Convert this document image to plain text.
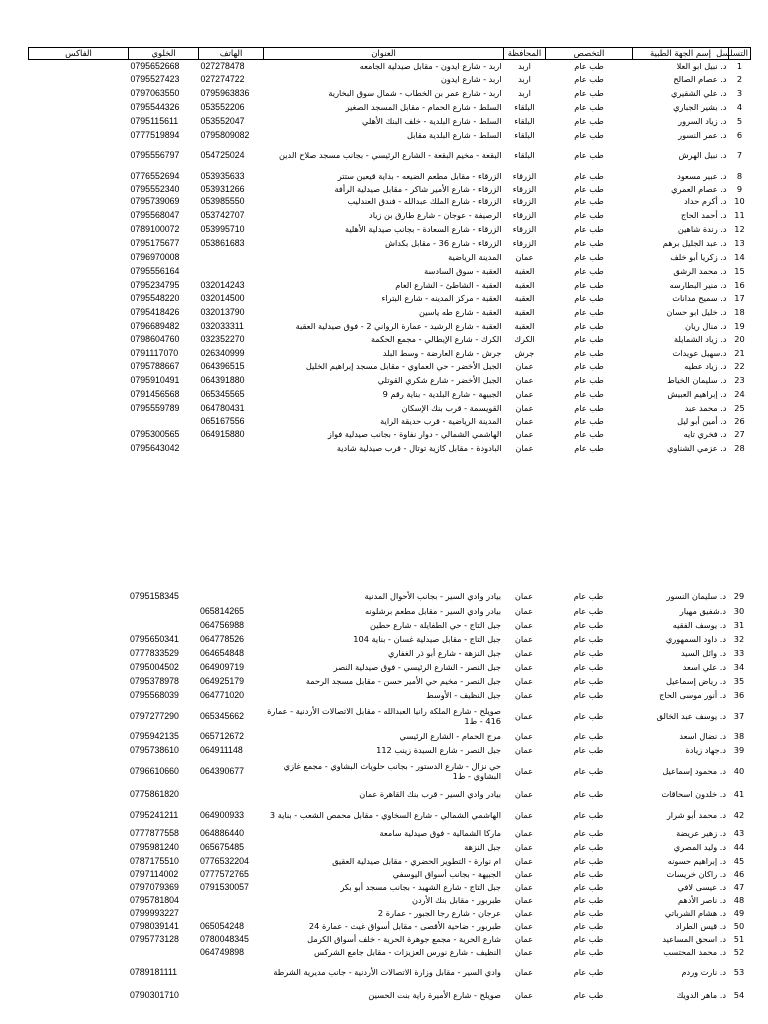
التسلسل	إسم الجهة الطبية	التخصص	المحافظة	العنوان	الهاتف	الخلوي	الفاكس
1	د. نبيل ابو العلا	طب عام	اربد	اربد - شارع ايدون - مقابل صيدلية الجامعه	027278478	0795652668	
2	د. عصام الصالح	طب عام	اربد	اربد - شارع ايدون	027274722	0795527423	
3	د. علي الشقيري	طب عام	اربد	اربد - شارع عمر بن الخطاب - شمال سوق البخارية	0795963836	0797063550	
4	د. بشير الجباري	طب عام	البلقاء	السلط - شارع الحمام - مقابل المسجد الصغير	053552206	0795544326	
5	د. زياد السرور	طب عام	البلقاء	السلط - شارع البلدية - خلف البنك الأهلي	053552047	0795115611	
6	د. عمر النسور	طب عام	البلقاء	السلط - شارع البلدية مقابل	0795809082	0777519894	
7	د. نبيل الهرش	طب عام	البلقاء	البقعة - مخيم البقعة - الشارع الرئيسي - بجانب مسجد صلاح الدين	054725024	0795556797	
8	د. عبير مسعود	طب عام	الزرقاء	الزرقاء - مقابل مطعم الضيعه - بداية قيعين ستتر	053935633	0776552694	
9	د. عصام العمري	طب عام	الزرقاء	الزرقاء - شارع الأمير شاكر - مقابل صيدلية الرأفة	053931266	0795552340	
10	د. أكرم حداد	طب عام	الزرقاء	الزرقاء - شارع الملك عبدالله - فندق العندليب	053985550	0795739069	
11	د. أحمد الحاج	طب عام	الزرقاء	الرصيفة - عوجان - شارع طارق بن زياد	053742707	0795568047	
12	د. رندة شاهين	طب عام	الزرقاء	الزرقاء - شارع السعادة - بجانب صيدلية الأهلية	053995710	0789100072	
13	د. عبد الجليل برهم	طب عام	الزرقاء	الزرقاء - شارع 36 - مقابل بكداش	053861683	0795175677	
14	د. زكريا أبو خلف	طب عام	عمان	المدينة الرياضية		0796970008	
15	د. محمد الرشق	طب عام	العقبة	العقبة - سوق السادسة		0795556164	
16	د. منير البطارسه	طب عام	العقبة	العقبة - الشاطئ - الشارع العام	032014243	0795234795	
17	د. سميح مدانات	طب عام	العقبة	العقبة - مركز المدينه - شارع البتراء	032014500	0795548220	
18	د. خليل ابو حسان	طب عام	العقبة	العقبة - شارع طه ياسين	032013790	0795418426	
19	د. منال ريان	طب عام	العقبة	العقبة - شارع الرشيد - عمارة الرواني 2 - فوق صيدلية العقبة	032033311	0796689482	
20	د. زياد الشمايلة	طب عام	الكرك	الكرك - شارع الإيطالي - مجمع الحكمة	032352270	0798604760	
21	د.سهيل عويدات	طب عام	جرش	جرش - شارع العارضة - وسط البلد	026340999	0791117070	
22	د. زياد عطيه	طب عام	عمان	الجبل الأخضر - حي العماوي - مقابل مسجد إبراهيم الخليل	064396515	0795788667	
23	د. سليمان الخياط	طب عام	عمان	الجبل الأخضر - شارع شكري القوتلي	064391880	0795910491	
24	د. إبراهيم العبيش	طب عام	عمان	الجبيهة - شارع البلدية - بناية رقم 9	065345565	0791456568	
25	د. محمد عبد	طب عام	عمان	القويسمة - قرب بنك الإسكان	064780431	0795559789	
26	د. أمين أبو ليل	طب عام	عمان	المدينة الرياضية - قرب حديقة الراية	065167556		
27	د. فخري تايه	طب عام	عمان	الهاشمي الشمالي - دوار نفاوة - بجانب صيدلية فواز	064915880	0795300565	
28	د. عزمي الشناوي	طب عام	عمان	البادودة - مقابل كازية توتال - قرب صيدلية شادية		0795643042	
29	د. سليمان النسور	طب عام	عمان	بيادر وادي السير - بجانب الأحوال المدنية		0795158345	
30	د.شفيق مهيار	طب عام	عمان	بيادر وادي السير - مقابل مطعم برشلونه	065814265		
31	د. يوسف الفقيه	طب عام	عمان	جبل التاج - حي الطفايلة - شارع حطين	064756988		
32	د. داود السمهوري	طب عام	عمان	جبل التاج - مقابل صيدلية غسان - بناية 104	064778526	0795650341	
33	د. وائل السيد	طب عام	عمان	جبل النزهة - شارع أبو ذر الغفاري	064654848	0777833529	
34	د. علي اسعد	طب عام	عمان	جبل النصر - الشارع الرئيسي - فوق صيدلية النصر	064909719	0795004502	
35	د. رياض إسماعيل	طب عام	عمان	جبل النصر - مخيم حي الأمير حسن - مقابل مسجد الرحمة	064925179	0795378978	
36	د. أنور موسى الحاج	طب عام	عمان	جبل النظيف - الأوسط	064771020	0795568039	
37	د. يوسف عبد الخالق	طب عام	عمان	صويلح - شارع الملكة رانيا العبدالله - مقابل الاتصالات الأردنية - عمارة 416 - ط1	065345662	0797277290	
38	د. نضال اسعد	طب عام	عمان	مرج الحمام - الشارع الرئيسي	065712672	0795942135	
39	د.جهاد زيادة	طب عام	عمان	جبل النصر - شارع السيدة زينب 112	064911148	0795738610	
40	د. محمود إسماعيل	طب عام	عمان	حي نزال - شارع الدستور - بجانب حلويات البشاوي - مجمع غازي البشاوي - ط1	064390677	0796610660	
41	د. خلدون اسحاقات	طب عام	عمان	بيادر وادي السير - قرب بنك القاهرة عمان		0775861820	
42	د. محمد أبو شرار	طب عام	عمان	الهاشمي الشمالي - شارع السخاوي - مقابل محمص الشعب - بناية 3	064900933	0795241211	
43	د. زهير عريضة	طب عام	عمان	ماركا الشمالية - فوق صيدلية سامعة	064886440	0777877558	
44	د. وليد المصري	طب عام	عمان	جبل النزهة	065675485	0795981240	
45	د. إبراهيم حسونه	طب عام	عمان	ام نوارة - التطوير الحضري - مقابل صيدلية العقيق	0776532204	0787175510	
46	د. راكان خريسات	طب عام	عمان	الجبيهة - بجانب أسواق اليوسفي	0777572765	0797114002	
47	د. عيسى لافي	طب عام	عمان	جبل التاج - شارع الشهيد - بجانب مسجد أبو بكر	0791530057	0797079369	
48	د. ناصر الأدهم	طب عام	عمان	طبربور - مقابل بنك الأردن		0795781804	
49	د. هشام الشرباتي	طب عام	عمان	عرجان - شارع رجا الجبور - عمارة 2		0799993227	
50	د. قيس الطراد	طب عام	عمان	طبربور - ضاحية الأقصى - مقابل أسواق غيث - عمارة 24	065054248	0798039141	
51	د. اسحق المساعيد	طب عام	عمان	شارع الحرية - مجمع جوهرة الحرية - خلف أسواق الكرمل	0780048345	0795773128	
52	د. محمد المحتسب	طب عام	عمان	النظيف - شارع نورس العزيزات - مقابل جامع الشركس	064749898		
53	د. نارت وردم	طب عام	عمان	وادي السير - مقابل وزارة الاتصالات الأردنية - جانب مديرية الشرطة		0789181111	
54	د. ماهر الدويك	طب عام	عمان	صويلح - شارع الأميرة راية بنت الحسين		0790301710	
